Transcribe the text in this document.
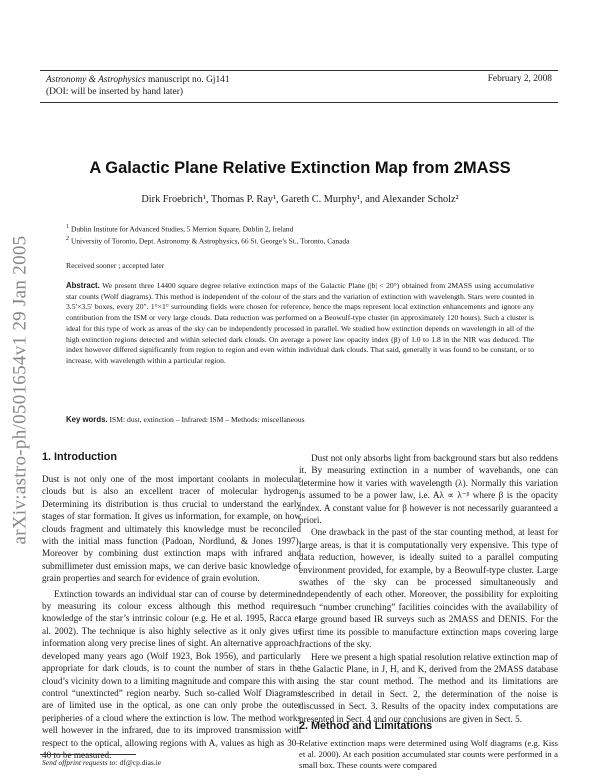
Astronomy & Astrophysics manuscript no. Gj141
(DOI: will be inserted by hand later)
February 2, 2008
arXiv:astro-ph/0501654v1 29 Jan 2005
A Galactic Plane Relative Extinction Map from 2MASS
Dirk Froebrich¹, Thomas P. Ray¹, Gareth C. Murphy¹, and Alexander Scholz²
$^1$ Dublin Institute for Advanced Studies, 5 Merrion Square, Dublin 2, Ireland
$^2$ University of Toronto, Dept. Astronomy & Astrophysics, 66 St. George’s St., Toronto, Canada
Received sooner ; accepted later
Abstract. We present three 14400 square degree relative extinction maps of the Galactic Plane (|b| < 20°) obtained from 2MASS using accumulative star counts (Wolf diagrams). This method is independent of the colour of the stars and the variation of extinction with wavelength. Stars were counted in 3.5′×3.5′ boxes, every 20″. 1°×1° surrounding fields were chosen for reference, hence the maps represent local extinction enhancements and ignore any contribution from the ISM or very large clouds. Data reduction was performed on a Beowulf-type cluster (in approximately 120 hours). Such a cluster is ideal for this type of work as areas of the sky can be independently processed in parallel. We studied how extinction depends on wavelength in all of the high extinction regions detected and within selected dark clouds. On average a power law opacity index (β) of 1.0 to 1.8 in the NIR was deduced. The index however differed significantly from region to region and even within individual dark clouds. That said, generally it was found to be constant, or to increase, with wavelength within a particular region.
Key words. ISM: dust, extinction – Infrared: ISM – Methods: miscellaneous
1. Introduction

Dust is not only one of the most important coolants in molecular clouds but is also an excellent tracer of molecular hydrogen. Determining its distribution is thus crucial to understand the early stages of star formation. It gives us information, for example, on how clouds fragment and ultimately this knowledge must be reconciled with the initial mass function (Padoan, Nordlund, & Jones 1997). Moreover by combining dust extinction maps with infrared and submillimeter dust emission maps, we can derive basic knowledge of grain properties and search for evidence of grain evolution.

Extinction towards an individual star can of course by determined by measuring its colour excess although this method requires knowledge of the star’s intrinsic colour (e.g. He et al. 1995, Racca et al. 2002). The technique is also highly selective as it only gives us information along very precise lines of sight. An alternative approach, developed many years ago (Wolf 1923, Bok 1956), and particularly appropriate for dark clouds, is to count the number of stars in the cloud’s vicinity down to a limiting magnitude and compare this with a control “unextincted” region nearby. Such so-called Wolf Diagrams are of limited use in the optical, as one can only probe the outer peripheries of a cloud where the extinction is low. The method works well however in the infrared, due to its improved transmission with respect to the optical, allowing regions with Aᵥ values as high as 30–40 to be measured.

Dust not only absorbs light from background stars but also reddens it. By measuring extinction in a number of wavebands, one can determine how it varies with wavelength (λ). Normally this variation is assumed to be a power law, i.e. Aλ ∝ λ⁻ᵝ where β is the opacity index. A constant value for β however is not necessarily guaranteed a priori.

One drawback in the past of the star counting method, at least for large areas, is that it is computationally very expensive. This type of data reduction, however, is ideally suited to a parallel computing environment provided, for example, by a Beowulf-type cluster. Large swathes of the sky can be processed simultaneously and independently of each other. Moreover, the possibility for exploiting such “number crunching” facilities coincides with the availability of large ground based IR surveys such as 2MASS and DENIS. For the first time its possible to manufacture extinction maps covering large fractions of the sky.

Here we present a high spatial resolution relative extinction map of the Galactic Plane, in J, H, and K, derived from the 2MASS database using the star count method. The method and its limitations are described in detail in Sect. 2, the determination of the noise is discussed in Sect. 3. Results of the opacity index computations are presented in Sect. 4 and our conclusions are given in Sect. 5.

2. Method and Limitations

Relative extinction maps were determined using Wolf diagrams (e.g. Kiss et al. 2000). At each position accumulated star counts were performed in a small box. These counts were compared

Send offprint requests to: df@cp.dias.ie
